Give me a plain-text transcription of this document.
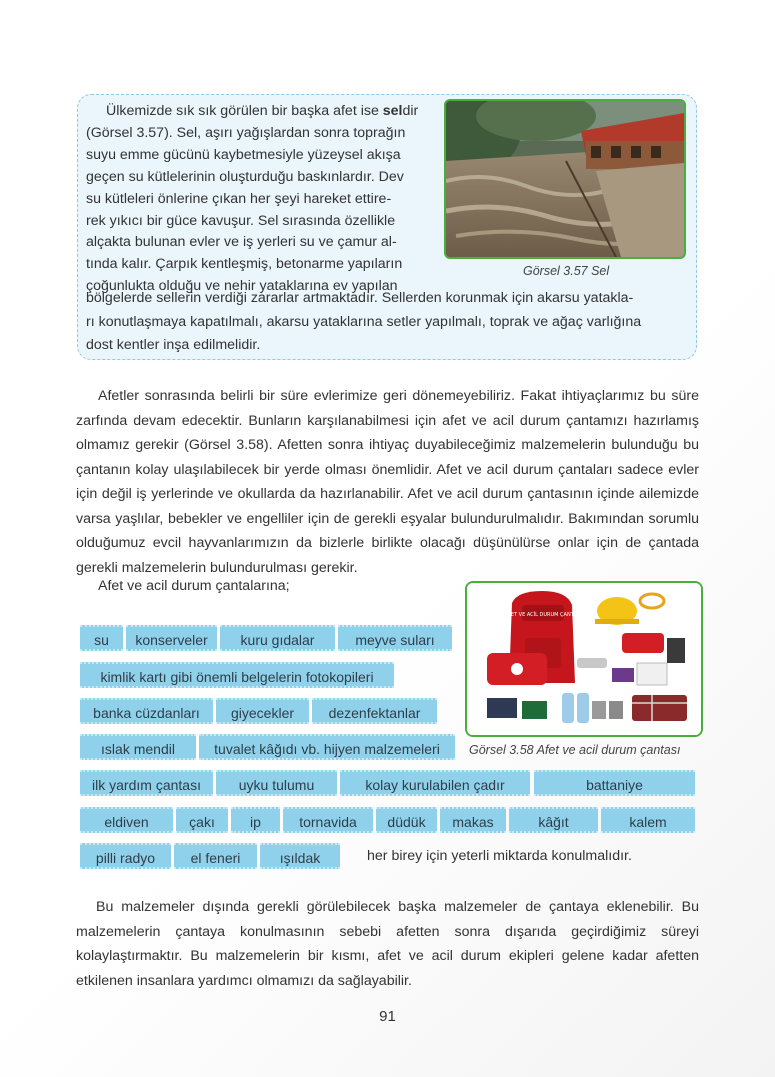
Ülkemizde sık sık görülen bir başka afet ise seldir

(Görsel 3.57). Sel, aşırı yağışlardan sonra toprağın
suyu emme gücünü kaybetmesiyle yüzeysel akışa
geçen su kütlelerinin oluşturduğu baskınlardır. Dev
su kütleleri önlerine çıkan her şeyi hareket ettire-
rek yıkıcı bir güce kavuşur. Sel sırasında özellikle
alçakta bulunan evler ve iş yerleri su ve çamur al-
tında kalır. Çarpık kentleşmiş, betonarme yapıların
çoğunlukta olduğu ve nehir yataklarına ev yapılan
bölgelerde sellerin verdiği zararlar artmaktadır. Sellerden korunmak için akarsu yatakla-
rı konutlaşmaya kapatılmalı, akarsu yataklarına setler yapılmalı, toprak ve ağaç varlığına
dost kentler inşa edilmelidir.
Görsel 3.57 Sel

Afetler sonrasında belirli bir süre evlerimize geri dönemeyebiliriz. Fakat ihtiyaçlarımız bu süre zarfında devam edecektir. Bunların karşılanabilmesi için afet ve acil durum çantamızı hazırlamış olmamız gerekir (Görsel 3.58). Afetten sonra ihtiyaç duyabileceğimiz malzemelerin bulunduğu bu çantanın kolay ulaşılabilecek bir yerde olması önemlidir. Afet ve acil durum çantaları sadece evler için değil iş yerlerinde ve okullarda da hazırlanabilir. Afet ve acil durum çantasının içinde ailemizde varsa yaşlılar, bebekler ve engelliler için de gerekli eşyalar bulundurulmalıdır. Bakımından sorumlu olduğumuz evcil hayvanlarımızın da bizlerle birlikte olacağı düşünülürse onlar için de çantada gerekli malzemelerin bulundurulması gerekir.

Afet ve acil durum çantalarına;
AFET VE ACİL DURUM ÇANTASI
Görsel 3.58 Afet ve acil durum çantası
su	konserveler	kuru gıdalar	meyve suları
kimlik kartı gibi önemli belgelerin fotokopileri
banka cüzdanları	giyecekler	dezenfektanlar
ıslak mendil	tuvalet kâğıdı vb. hijyen malzemeleri
ilk yardım çantası	uyku tulumu	kolay kurulabilen çadır	battaniye
eldiven	çakı	ip	tornavida	düdük	makas	kâğıt	kalem
pilli radyo	el feneri	ışıldak	her birey için yeterli miktarda konulmalıdır.

Bu malzemeler dışında gerekli görülebilecek başka malzemeler de çantaya eklenebilir. Bu malzemelerin çantaya konulmasının sebebi afetten sonra dışarıda geçirdiğimiz süreyi kolaylaştırmaktır. Bu malzemelerin bir kısmı, afet ve acil durum ekipleri gelene kadar afetten etkilenen insanlara yardımcı olmamızı da sağlayabilir.

91
